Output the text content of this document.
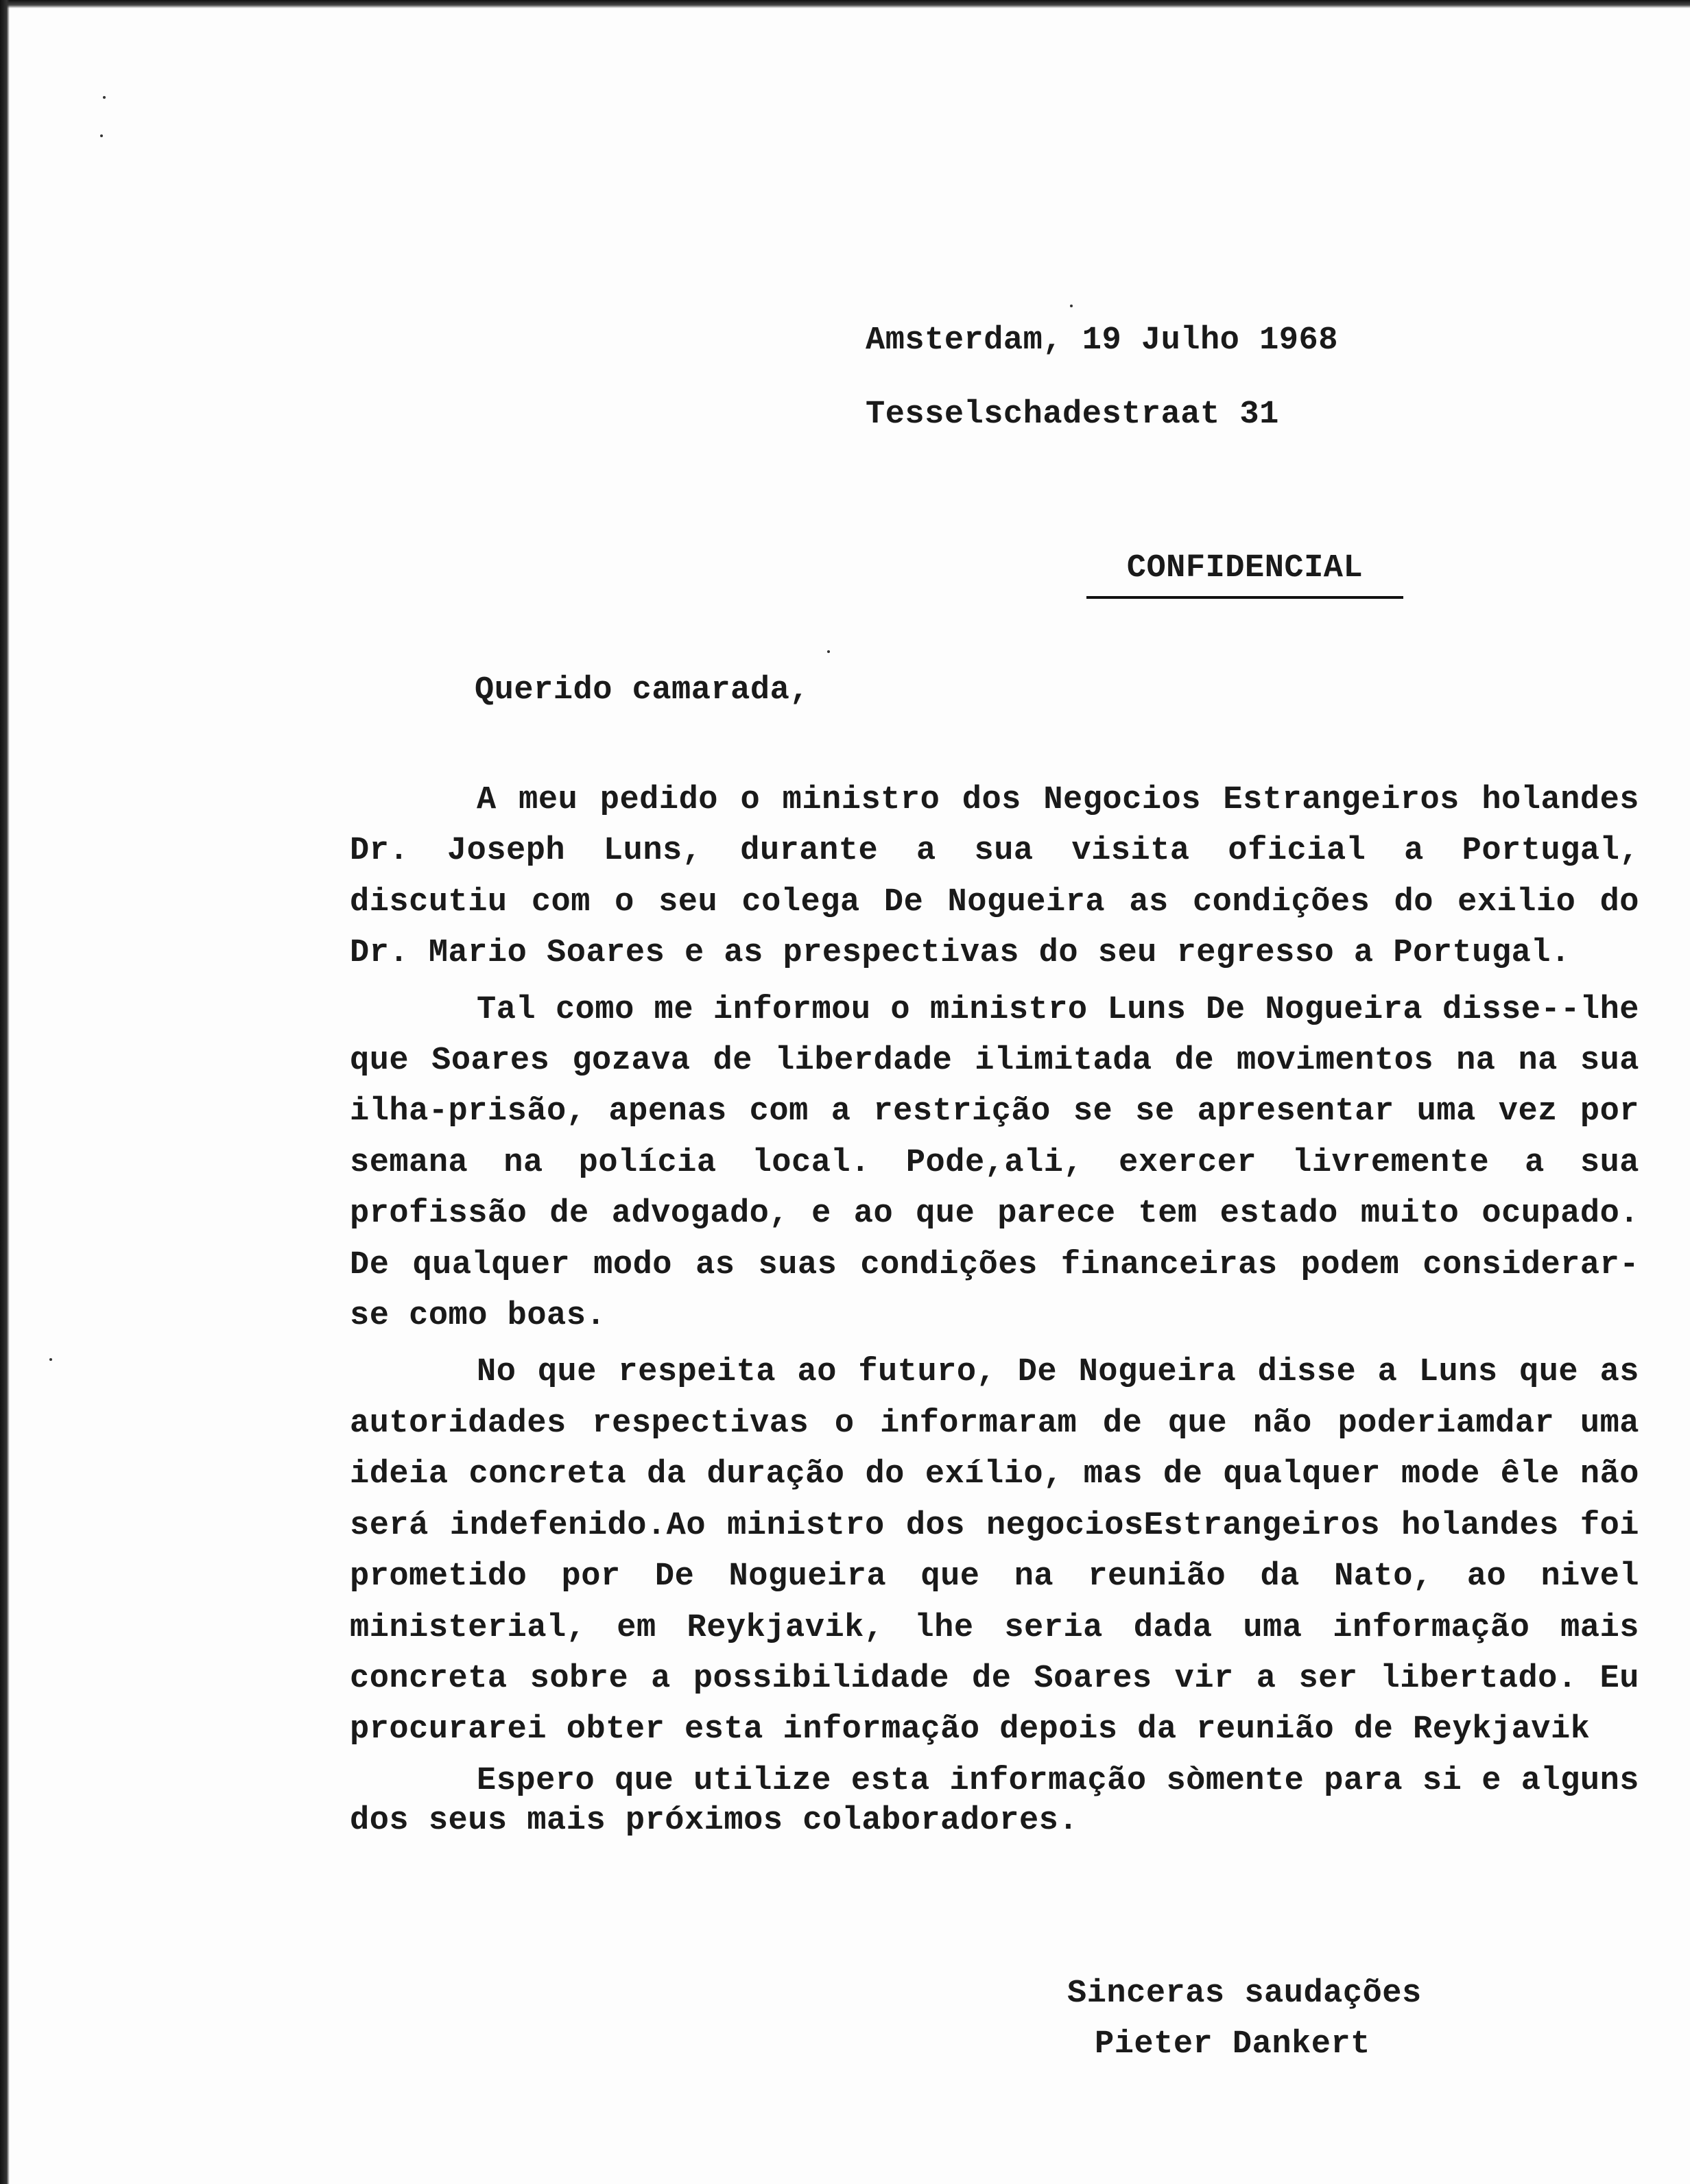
Amsterdam, 19 Julho 1968
Tesselschadestraat 31
CONFIDENCIAL
Querido camarada,

A meu pedido o ministro dos Negocios Estrangeiros holandes Dr. Joseph Luns, durante a sua visita oficial a Portugal, discutiu com o seu colega De Nogueira as condições do exilio do Dr. Mario Soares e as prespectivas do seu regresso a Portugal.

Tal como me informou o ministro Luns De Nogueira disse--lhe que Soares gozava de liberdade ilimitada de movimentos na na sua ilha-prisão, apenas com a restrição se se apresentar uma vez por semana na polícia local. Pode,ali, exercer livremente a sua profissão de advogado, e ao que parece tem estado muito ocupado. De qualquer modo as suas condições financeiras podem considerar-se como boas.

No que respeita ao futuro, De Nogueira disse a Luns que as autoridades respectivas o informaram de que não poderiamdar uma ideia concreta da duração do exílio, mas de qualquer mode êle não será indefenido.Ao ministro dos negociosEstrangeiros holandes foi prometido por De Nogueira que na reunião da Nato, ao nivel ministerial, em Reykjavik, lhe seria dada uma informação mais concreta sobre a possibilidade de Soares vir a ser libertado. Eu procurarei obter esta informação depois da reunião de Reykjavik

Espero que utilize esta informação sòmente para si e alguns dos seus mais próximos colaboradores.

Sinceras saudações
Pieter Dankert
